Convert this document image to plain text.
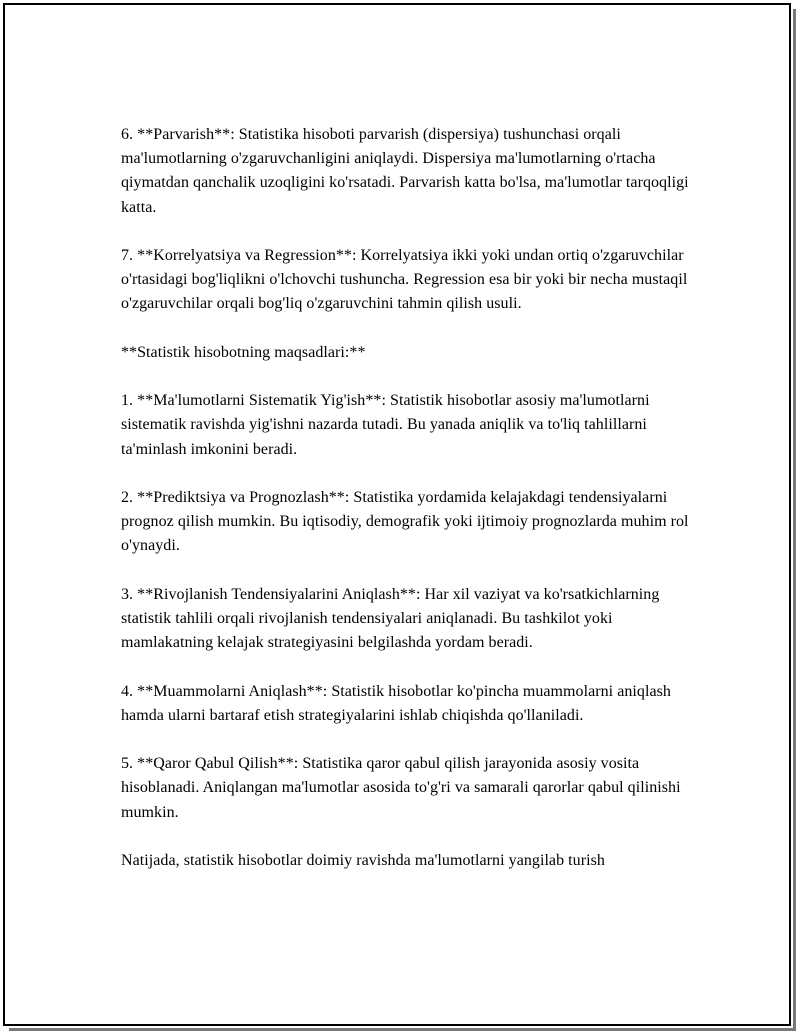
6. **Parvarish**: Statistika hisoboti parvarish (dispersiya) tushunchasi orqali ma'lumotlarning o'zgaruvchanligini aniqlaydi. Dispersiya ma'lumotlarning o'rtacha qiymatdan qanchalik uzoqligini ko'rsatadi. Parvarish katta bo'lsa, ma'lumotlar tarqoqligi katta.

7. **Korrelyatsiya va Regression**: Korrelyatsiya ikki yoki undan ortiq o'zgaruvchilar o'rtasidagi bog'liqlikni o'lchovchi tushuncha. Regression esa bir yoki bir necha mustaqil o'zgaruvchilar orqali bog'liq o'zgaruvchini tahmin qilish usuli.

**Statistik hisobotning maqsadlari:**

1. **Ma'lumotlarni Sistematik Yig'ish**: Statistik hisobotlar asosiy ma'lumotlarni sistematik ravishda yig'ishni nazarda tutadi. Bu yanada aniqlik va to'liq tahlillarni ta'minlash imkonini beradi.

2. **Prediktsiya va Prognozlash**: Statistika yordamida kelajakdagi tendensiyalarni prognoz qilish mumkin. Bu iqtisodiy, demografik yoki ijtimoiy prognozlarda muhim rol o'ynaydi.

3. **Rivojlanish Tendensiyalarini Aniqlash**: Har xil vaziyat va ko'rsatkichlarning statistik tahlili orqali rivojlanish tendensiyalari aniqlanadi. Bu tashkilot yoki mamlakatning kelajak strategiyasini belgilashda yordam beradi.

4. **Muammolarni Aniqlash**: Statistik hisobotlar ko'pincha muammolarni aniqlash hamda ularni bartaraf etish strategiyalarini ishlab chiqishda qo'llaniladi.

5. **Qaror Qabul Qilish**: Statistika qaror qabul qilish jarayonida asosiy vosita hisoblanadi. Aniqlangan ma'lumotlar asosida to'g'ri va samarali qarorlar qabul qilinishi mumkin.

Natijada, statistik hisobotlar doimiy ravishda ma'lumotlarni yangilab turish
